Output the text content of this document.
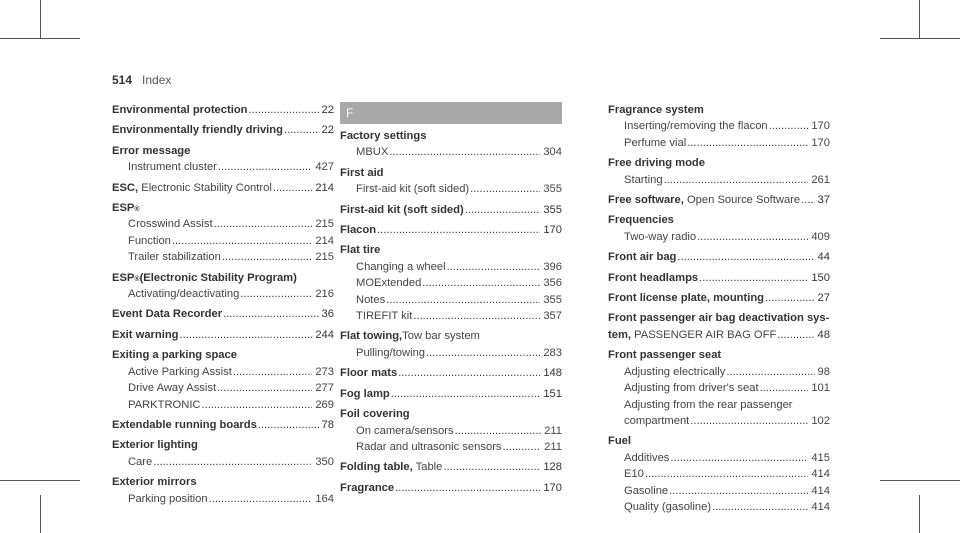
514 Index
Environmental protection .....	22
Environmentally friendly driving .....	22
Error message
Instrument cluster .....	427
ESC, Electronic Stability Control .....	214
ESP ®
Crosswind Assist .....	215
Function .....	214
Trailer stabilization .....	215
ESP ® (Electronic Stability Program)
Activating/deactivating .....	216
Event Data Recorder .....	36
Exit warning .....	244
Exiting a parking space
Active Parking Assist .....	273
Drive Away Assist .....	277
PARKTRONIC .....	269
Extendable running boards .....	78
Exterior lighting
Care .....	350
Exterior mirrors
Parking position .....	164
F
Factory settings
MBUX .....	304
First aid
First-aid kit (soft sided) .....	355
First-aid kit (soft sided) .....	355
Flacon .....	170
Flat tire
Changing a wheel .....	396
MOExtended .....	356
Notes .....	355
TIREFIT kit .....	357
Flat towing, Tow bar system
Pulling/towing .....	283
Floor mats .....	148
Fog lamp .....	151
Foil covering
On camera/sensors .....	211
Radar and ultrasonic sensors .....	211
Folding table, Table .....	128
Fragrance .....	170
Fragrance system
Inserting/removing the flacon .....	170
Perfume vial .....	170
Free driving mode
Starting .....	261
Free software, Open Source Software ..... 37
Frequencies
Two-way radio .....	409
Front air bag .....	44
Front headlamps .....	150
Front license plate, mounting .....	27
Front passenger air bag deactivation sys-
tem, PASSENGER AIR BAG OFF .....	48
Front passenger seat
Adjusting electrically .....	98
Adjusting from driver's seat .....	101
Adjusting from the rear passenger
compartment .....	102
Fuel
Additives .....	415
E10 .....	414
Gasoline .....	414
Quality (gasoline) .....	414
